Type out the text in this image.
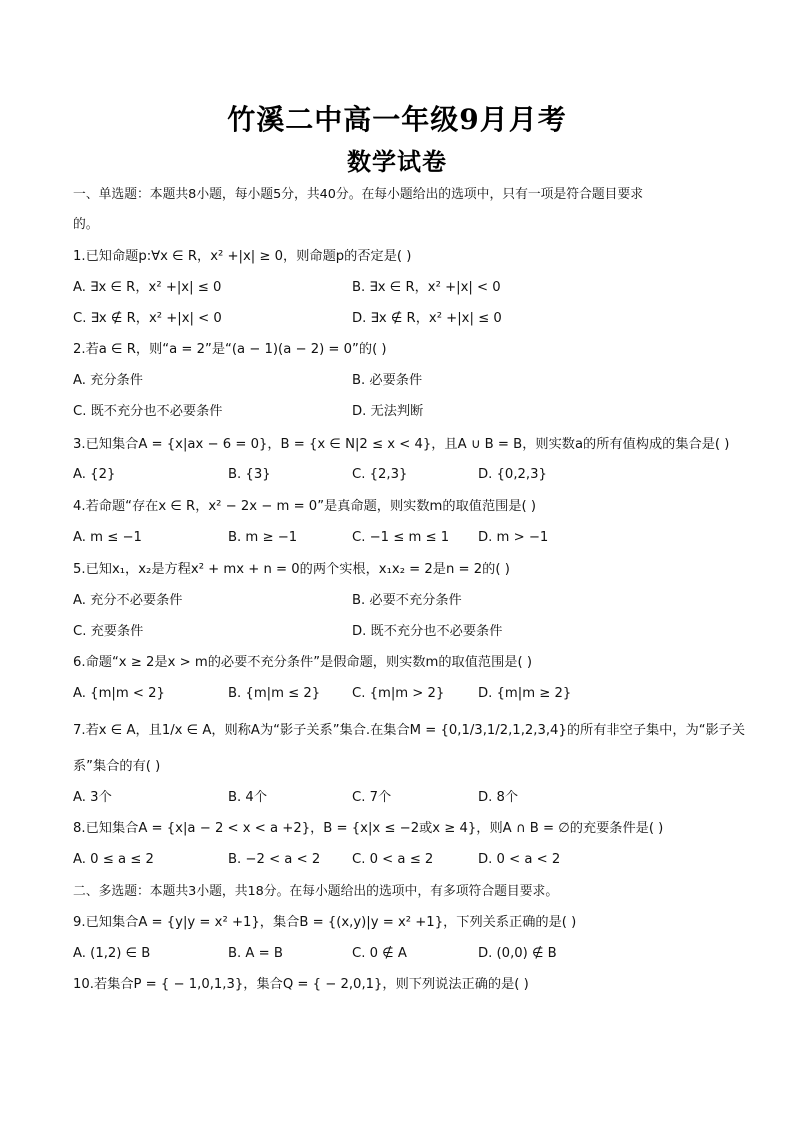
竹溪二中高一年级9月月考
数学试卷
一、单选题：本题共8小题，每小题5分，共40分。在每小题给出的选项中，只有一项是符合题目要求
的。
1.已知命题p:∀x ∈ R，x² +|x| ≥ 0，则命题p的否定是( )
A. ∃x ∈ R，x² +|x| ≤ 0	B. ∃x ∈ R，x² +|x| < 0
C. ∃x ∉ R，x² +|x| < 0	D. ∃x ∉ R，x² +|x| ≤ 0
2.若a ∈ R，则“a = 2”是“(a − 1)(a − 2) = 0”的( )
A. 充分条件	B. 必要条件
C. 既不充分也不必要条件	D. 无法判断
3.已知集合A = {x|ax − 6 = 0}，B = {x ∈ N|2 ≤ x < 4}，且A ∪ B = B，则实数a的所有值构成的集合是( )
A. {2}	B. {3}	C. {2,3}	D. {0,2,3}
4.若命题“存在x ∈ R，x² − 2x − m = 0”是真命题，则实数m的取值范围是( )
A. m ≤ −1	B. m ≥ −1	C. −1 ≤ m ≤ 1 D. m > −1
5.已知x₁，x₂是方程x² + mx + n = 0的两个实根，x₁x₂ = 2是n = 2的( )
A. 充分不必要条件	B. 必要不充分条件
C. 充要条件	D. 既不充分也不必要条件
6.命题“x ≥ 2是x > m的必要不充分条件”是假命题，则实数m的取值范围是( )
A. {m|m < 2}	B. {m|m ≤ 2} C. {m|m > 2}	D. {m|m ≥ 2}
7.若x ∈ A，且1/x ∈ A，则称A为“影子关系”集合.在集合M = {0,1/3,1/2,1,2,3,4}的所有非空子集中，为“影子关
系”集合的有( )
A. 3个	B. 4个	C. 7个	D. 8个
8.已知集合A = {x|a − 2 < x < a +2}，B = {x|x ≤ −2或x ≥ 4}，则A ∩ B = ∅的充要条件是( )
A. 0 ≤ a ≤ 2	B. −2 < a < 2 C. 0 < a ≤ 2	D. 0 < a < 2
二、多选题：本题共3小题，共18分。在每小题给出的选项中，有多项符合题目要求。
9.已知集合A = {y|y = x² +1}，集合B = {(x,y)|y = x² +1}，下列关系正确的是( )
A. (1,2) ∈ B	B. A = B	C. 0 ∉ A	D. (0,0) ∉ B
10.若集合P = { − 1,0,1,3}，集合Q = { − 2,0,1}，则下列说法正确的是( )
